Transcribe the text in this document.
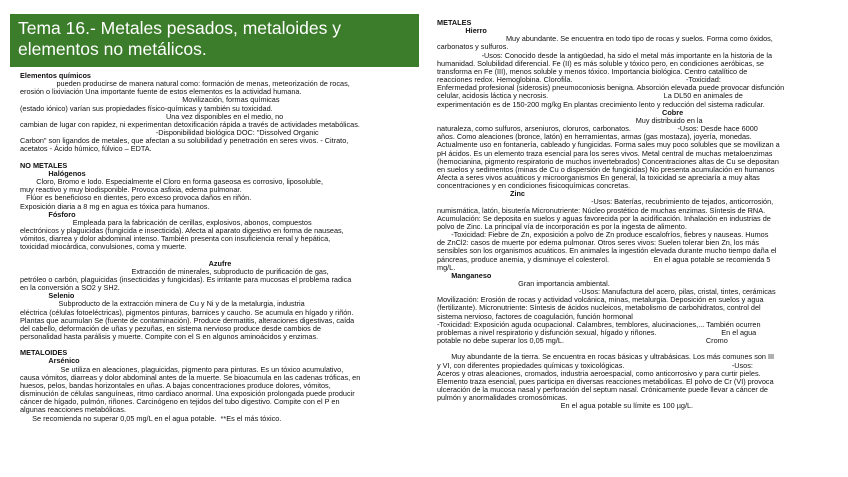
Tema 16.- Metales pesados, metaloides y elementos no metálicos.

Elementos químicos

pueden producirse de manera natural como: formación de menas, meteorización de rocas,

erosión o lixiviación Una importante fuente de estos elementos es la actividad humana.

Movilización, formas químicas

(estado iónico) varían sus propiedades físico-químicas y también su toxicidad.

Una vez disponibles en el medio, no

cambian de lugar con rapidez, ni experimentan detoxificación rápida a través de actividades metabólicas.

-Disponibilidad biológica DOC: "Dissolved Organic

Carbon" son ligandos de metales, que afectan a su solubilidad y penetración en seres vivos. - Citrato,

acetatos - Ácido húmico, fúlvico – EDTA.

NO METALES

Halógenos

Cloro, Bromo e Iodo. Especialmente el Cloro en forma gaseosa es corrosivo, liposoluble,

muy reactivo y muy biodisponible. Provoca asfixia, edema pulmonar.

Flúor es beneficioso en dientes, pero exceso provoca daños en riñón.

Exposición diaria a 8 mg en agua es tóxica para humanos.

Fósforo

Empleada para la fabricación de cerillas, explosivos, abonos, compuestos

electrónicos y plaguicidas (fungicida e insecticida). Afecta al aparato digestivo en forma de nauseas,

vómitos, diarrea y dolor abdominal intenso. También presenta con insuficiencia renal y hepática,

toxicidad miocárdica, convulsiones, coma y muerte.

Azufre

Extracción de minerales, subproducto de purificación de gas,

petróleo o carbón, plaguicidas (insecticidas y fungicidas). Es irritante para mucosas el problema radica

en la conversión a SO2 y SH2.

Selenio

Subproducto de la extracción minera de Cu y Ni y de la metalurgia, industria

eléctrica (células fotoeléctricas), pigmentos pinturas, barnices y caucho. Se acumula en hígado y riñón.

Plantas que acumulan Se (fuente de contaminación). Produce dermatitis, alteraciones digestivas, caída

del cabello, deformación de uñas y pezuñas, en sistema nervioso produce desde cambios de

personalidad hasta parálisis y muerte. Compite con el S en algunos aminoácidos y enzimas.

METALOIDES

Arsénico

Se utiliza en aleaciones, plaguicidas, pigmento para pinturas. Es un tóxico acumulativo,

causa vómitos, diarreas y dolor abdominal antes de la muerte. Se bioacumula en las cadenas tróficas, en

huesos, pelos, bandas horizontales en uñas. A bajas concentraciones produce dolores, vómitos,

disminución de células sanguíneas, ritmo cardiaco anormal. Una exposición prolongada puede producir

cáncer de hígado, pulmón, riñones. Carcinógeno en tejidos del tubo digestivo. Compite con el P en

algunas reacciones metabólicas.

Se recomienda no superar 0,05 mg/L en el agua potable.  **Es el más tóxico.

METALES

Hierro

Muy abundante. Se encuentra en todo tipo de rocas y suelos. Forma como óxidos,

carbonatos y sulfuros.

-Usos: Conocido desde la antigüedad, ha sido el metal más importante en la historia de la

humanidad. Solubilidad diferencial. Fe (II) es más soluble y tóxico pero, en condiciones aeróbicas, se

transforma en Fe (III), menos soluble y menos tóxico. Importancia biológica. Centro catalítico de

reacciones redox. Hemoglobina. Clorofila.                                                        -Toxicidad:

Enfermedad profesional (siderosis) pneumoconiosis benigna. Absorción elevada puede provocar disfunción

celular, acidosis láctica y necrosis.                                                         La DL50 en animales de

experimentación es de 150-200 mg/kg En plantas crecimiento lento y reducción del sistema radicular.

Cobre

Muy distribuido en la

naturaleza, como sulfuros, arseniuros, cloruros, carbonatos.                       -Usos: Desde hace 6000

años. Como aleaciones (bronce, latón) en herramientas, armas (gas mostaza), joyería, monedas.

Actualmente uso en fontanería, cableado y fungicidas. Forma sales muy poco solubles que se movilizan a

pH ácidos. Es un elemento traza esencial para los seres vivos. Metal central de muchas metaloenzimas

(hemocianina, pigmento respiratorio de muchos invertebrados) Concentraciones altas de Cu se depositan

en suelos y sedimentos (minas de Cu o dispersión de fungicidas) No presenta acumulación en humanos

Afecta a seres vivos acuáticos y microorganismos En general, la toxicidad se apreciaría a muy altas

concentraciones y en condiciones fisicoquímicas concretas.

Zinc

-Usos: Baterías, recubrimiento de tejados, anticorrosión,

numismática, latón, bisutería Micronutriente: Núcleo prostético de muchas enzimas. Síntesis de RNA.

Acumulación: Se deposita en suelos y aguas favorecida por la acidificación. Inhalación en industrias de

polvo de Zinc. La principal vía de incorporación es por la ingesta de alimento.

-Toxicidad: Fiebre de Zn, exposición a polvo de Zn produce escalofríos, fiebres y nauseas. Humos

de ZnCl2: casos de muerte por edema pulmonar. Otros seres vivos: Suelen tolerar bien Zn, los más

sensibles son los organismos acuáticos. En animales la ingestión elevada durante mucho tiempo daña el

páncreas, produce anemia, y disminuye el colesterol.                      En el agua potable se recomienda 5

mg/L.

Manganeso

Gran importancia ambiental.

-Usos: Manufactura del acero, pilas, cristal, tintes, cerámicas

Movilización: Erosión de rocas y actividad volcánica, minas, metalurgia. Deposición en suelos y agua

(fertilizante). Micronutriente: Síntesis de ácidos nucleicos, metabolismo de carbohidratos, control del

sistema nervioso, factores de coagulación, función hormonal

-Toxicidad: Exposición aguda ocupacional. Calambres, temblores, alucinaciones,... También ocurren

problemas a nivel respiratorio y disfunción sexual, hígado y riñones.                                En el agua

potable no debe superar los 0,05 mg/L.                                                                      Cromo

Muy abundante de la tierra. Se encuentra en rocas básicas y ultrabásicas. Los más comunes son III

y VI, con diferentes propiedades químicas y toxicológicas.                                                     -Usos:

Aceros y otras aleaciones, cromados, industria aeroespacial, como anticorrosivo y para curtir pieles.

Elemento traza esencial, pues participa en diversas reacciones metabólicas. El polvo de Cr (VI) provoca

ulceración de la mucosa nasal y perforación del septum nasal. Crónicamente puede llevar a cáncer de

pulmón y anormalidades cromosómicas.

En el agua potable su límite es 100 µg/L.
